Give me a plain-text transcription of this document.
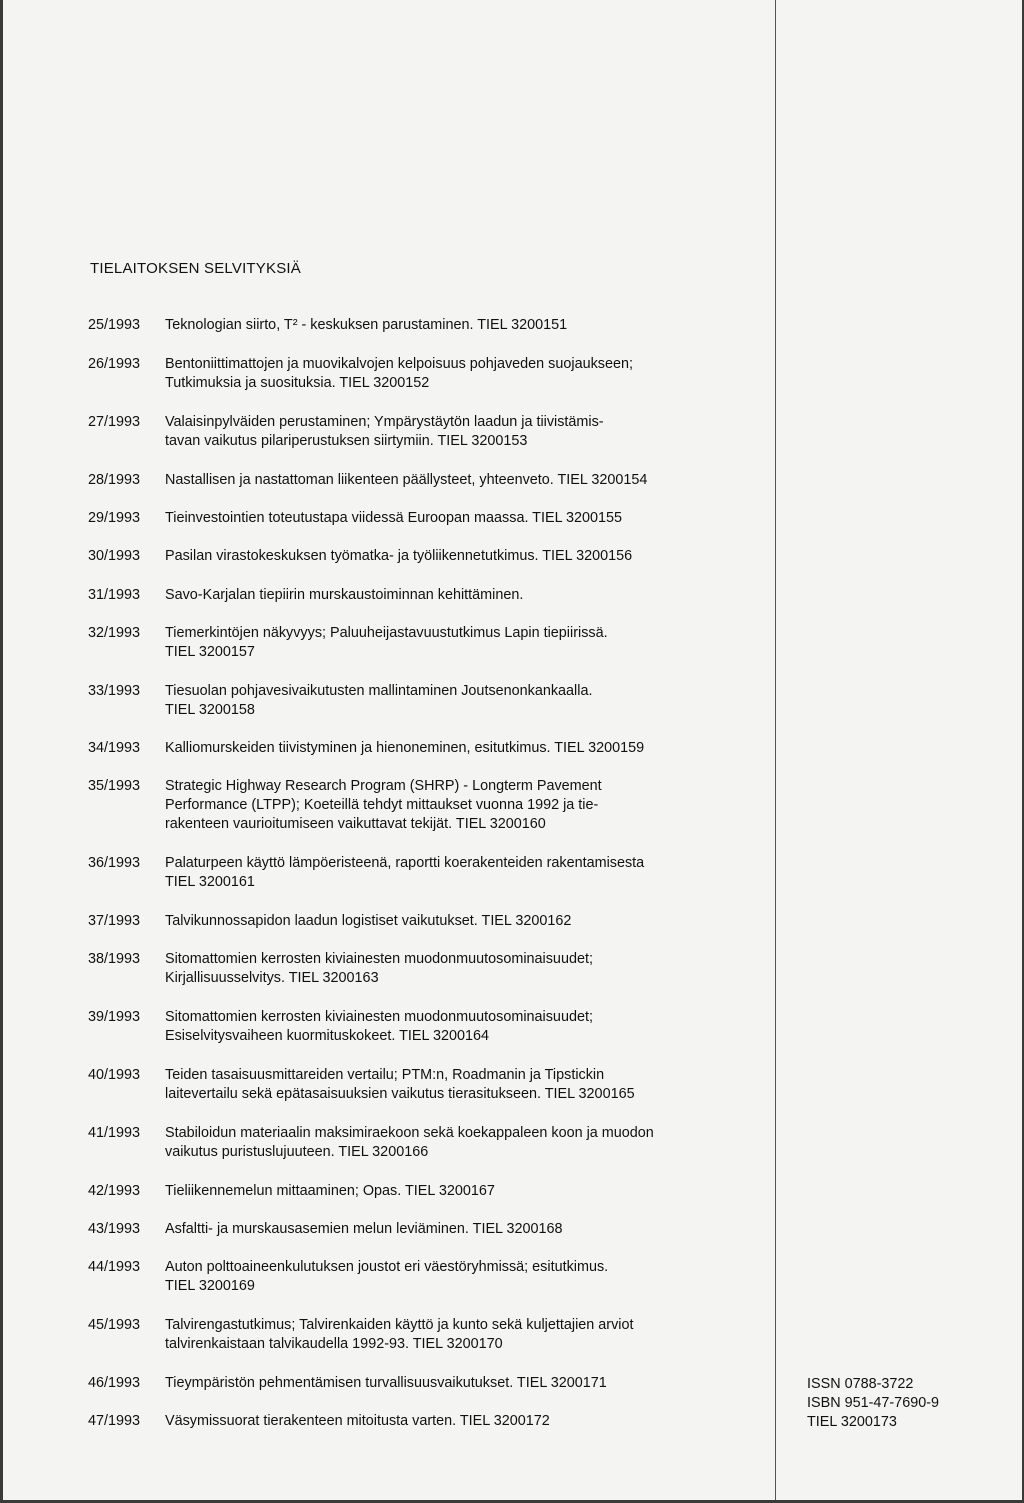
TIELAITOKSEN SELVITYKSIÄ
25/1993 Teknologian siirto, T² - keskuksen parustaminen. TIEL 3200151
26/1993 Bentoniittimattojen ja muovikalvojen kelpoisuus pohjaveden suojaukseen;
Tutkimuksia ja suosituksia. TIEL 3200152
27/1993 Valaisinpylväiden perustaminen; Ympärystäytön laadun ja tiivistämis-
tavan vaikutus pilariperustuksen siirtymiin. TIEL 3200153
28/1993 Nastallisen ja nastattoman liikenteen päällysteet, yhteenveto. TIEL 3200154
29/1993 Tieinvestointien toteutustapa viidessä Euroopan maassa. TIEL 3200155
30/1993 Pasilan virastokeskuksen työmatka- ja työliikennetutkimus. TIEL 3200156
31/1993 Savo-Karjalan tiepiirin murskaustoiminnan kehittäminen.
32/1993 Tiemerkintöjen näkyvyys; Paluuheijastavuustutkimus Lapin tiepiirissä.
TIEL 3200157
33/1993 Tiesuolan pohjavesivaikutusten mallintaminen Joutsenonkankaalla.
TIEL 3200158
34/1993 Kalliomurskeiden tiivistyminen ja hienoneminen, esitutkimus. TIEL 3200159
35/1993 Strategic Highway Research Program (SHRP) - Longterm Pavement
Performance (LTPP); Koeteillä tehdyt mittaukset vuonna 1992 ja tie-
rakenteen vaurioitumiseen vaikuttavat tekijät. TIEL 3200160
36/1993 Palaturpeen käyttö lämpöeristeenä, raportti koerakenteiden rakentamisesta
TIEL 3200161
37/1993 Talvikunnossapidon laadun logistiset vaikutukset. TIEL 3200162
38/1993 Sitomattomien kerrosten kiviainesten muodonmuutosominaisuudet;
Kirjallisuusselvitys. TIEL 3200163
39/1993 Sitomattomien kerrosten kiviainesten muodonmuutosominaisuudet;
Esiselvitysvaiheen kuormituskokeet. TIEL 3200164
40/1993 Teiden tasaisuusmittareiden vertailu; PTM:n, Roadmanin ja Tipstickin
laitevertailu sekä epätasaisuuksien vaikutus tierasitukseen. TIEL 3200165
41/1993 Stabiloidun materiaalin maksimiraekoon sekä koekappaleen koon ja muodon
vaikutus puristuslujuuteen. TIEL 3200166
42/1993 Tieliikennemelun mittaaminen; Opas. TIEL 3200167
43/1993 Asfaltti- ja murskausasemien melun leviäminen. TIEL 3200168
44/1993 Auton polttoaineenkulutuksen joustot eri väestöryhmissä; esitutkimus.
TIEL 3200169
45/1993 Talvirengastutkimus; Talvirenkaiden käyttö ja kunto sekä kuljettajien arviot
talvirenkaistaan talvikaudella 1992-93. TIEL 3200170
46/1993 Tieympäristön pehmentämisen turvallisuusvaikutukset. TIEL 3200171
47/1993 Väsymissuorat tierakenteen mitoitusta varten. TIEL 3200172
ISSN 0788-3722
ISBN 951-47-7690-9
TIEL 3200173
